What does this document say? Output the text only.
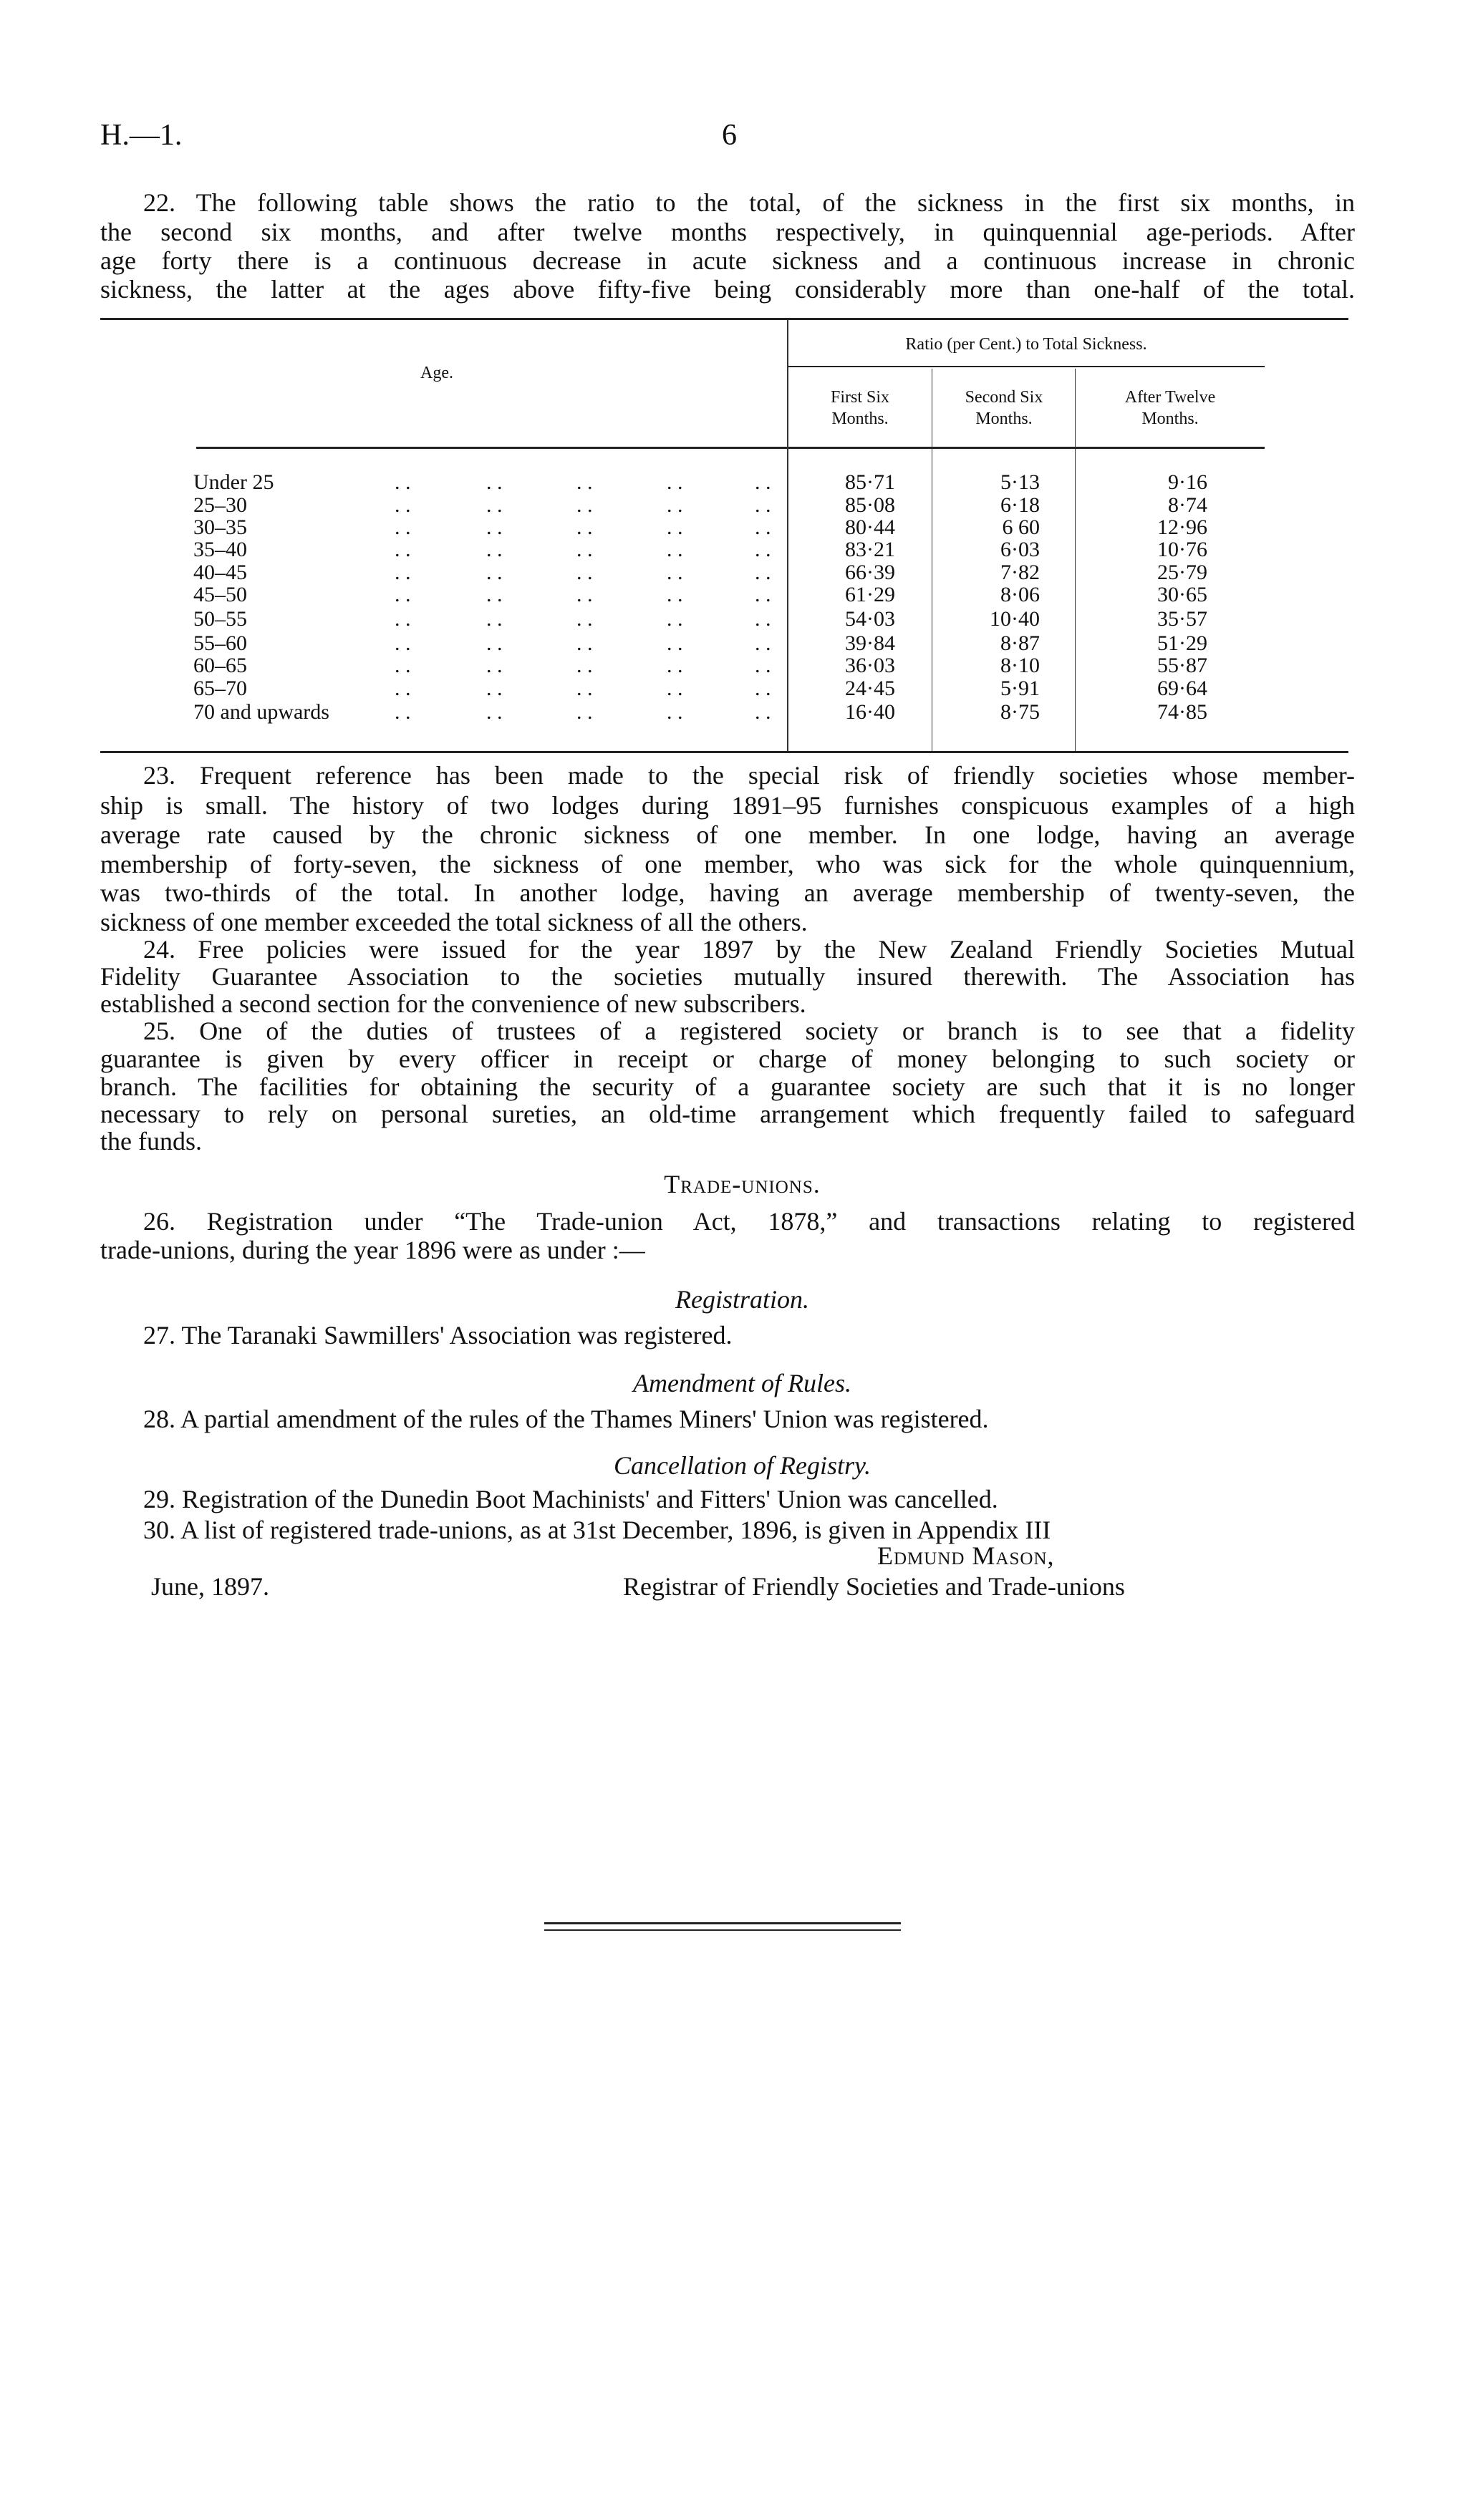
H.—1.	6
22. The following table shows the ratio to the total, of the sickness in the first six months, in
the second six months, and after twelve months respectively, in quinquennial age-periods. After
age forty there is a continuous decrease in acute sickness and a continuous increase in chronic
sickness, the latter at the ages above fifty-five being considerably more than one-half of the total.
Age.
Ratio (per Cent.) to Total Sickness.
First Six
Months.
Second Six
Months.
After Twelve
Months.
Under 25	. .	. .	. .	. .	. .	85·71	5·13	9·16
25–30	. .	. .	. .	. .	. .	85·08	6·18	8·74
30–35	. .	. .	. .	. .	. .	80·44	6 60	12·96
35–40	. .	. .	. .	. .	. .	83·21	6·03	10·76
40–45	. .	. .	. .	. .	. .	66·39	7·82	25·79
45–50	. .	. .	. .	. .	. .	61·29	8·06	30·65
50–55	. .	. .	. .	. .	. .	54·03	10·40	35·57
55–60	. .	. .	. .	. .	. .	39·84	8·87	51·29
60–65	. .	. .	. .	. .	. .	36·03	8·10	55·87
65–70	. .	. .	. .	. .	. .	24·45	5·91	69·64
70 and upwards	. .	. .	. .	. .	. .	16·40	8·75	74·85
23. Frequent reference has been made to the special risk of friendly societies whose member-
ship is small. The history of two lodges during 1891–95 furnishes conspicuous examples of a high
average rate caused by the chronic sickness of one member. In one lodge, having an average
membership of forty-seven, the sickness of one member, who was sick for the whole quinquennium,
was two-thirds of the total. In another lodge, having an average membership of twenty-seven, the
sickness of one member exceeded the total sickness of all the others.
24. Free policies were issued for the year 1897 by the New Zealand Friendly Societies Mutual
Fidelity Guarantee Association to the societies mutually insured therewith. The Association has
established a second section for the convenience of new subscribers.
25. One of the duties of trustees of a registered society or branch is to see that a fidelity
guarantee is given by every officer in receipt or charge of money belonging to such society or
branch. The facilities for obtaining the security of a guarantee society are such that it is no longer
necessary to rely on personal sureties, an old-time arrangement which frequently failed to safeguard
the funds.
Trade-unions.
26. Registration under “The Trade-union Act, 1878,” and transactions relating to registered
trade-unions, during the year 1896 were as under :—
Registration.
27. The Taranaki Sawmillers' Association was registered.
Amendment of Rules.
28. A partial amendment of the rules of the Thames Miners' Union was registered.
Cancellation of Registry.
29. Registration of the Dunedin Boot Machinists' and Fitters' Union was cancelled.
30. A list of registered trade-unions, as at 31st December, 1896, is given in Appendix III
Edmund Mason,
June, 1897.	Registrar of Friendly Societies and Trade-unions
